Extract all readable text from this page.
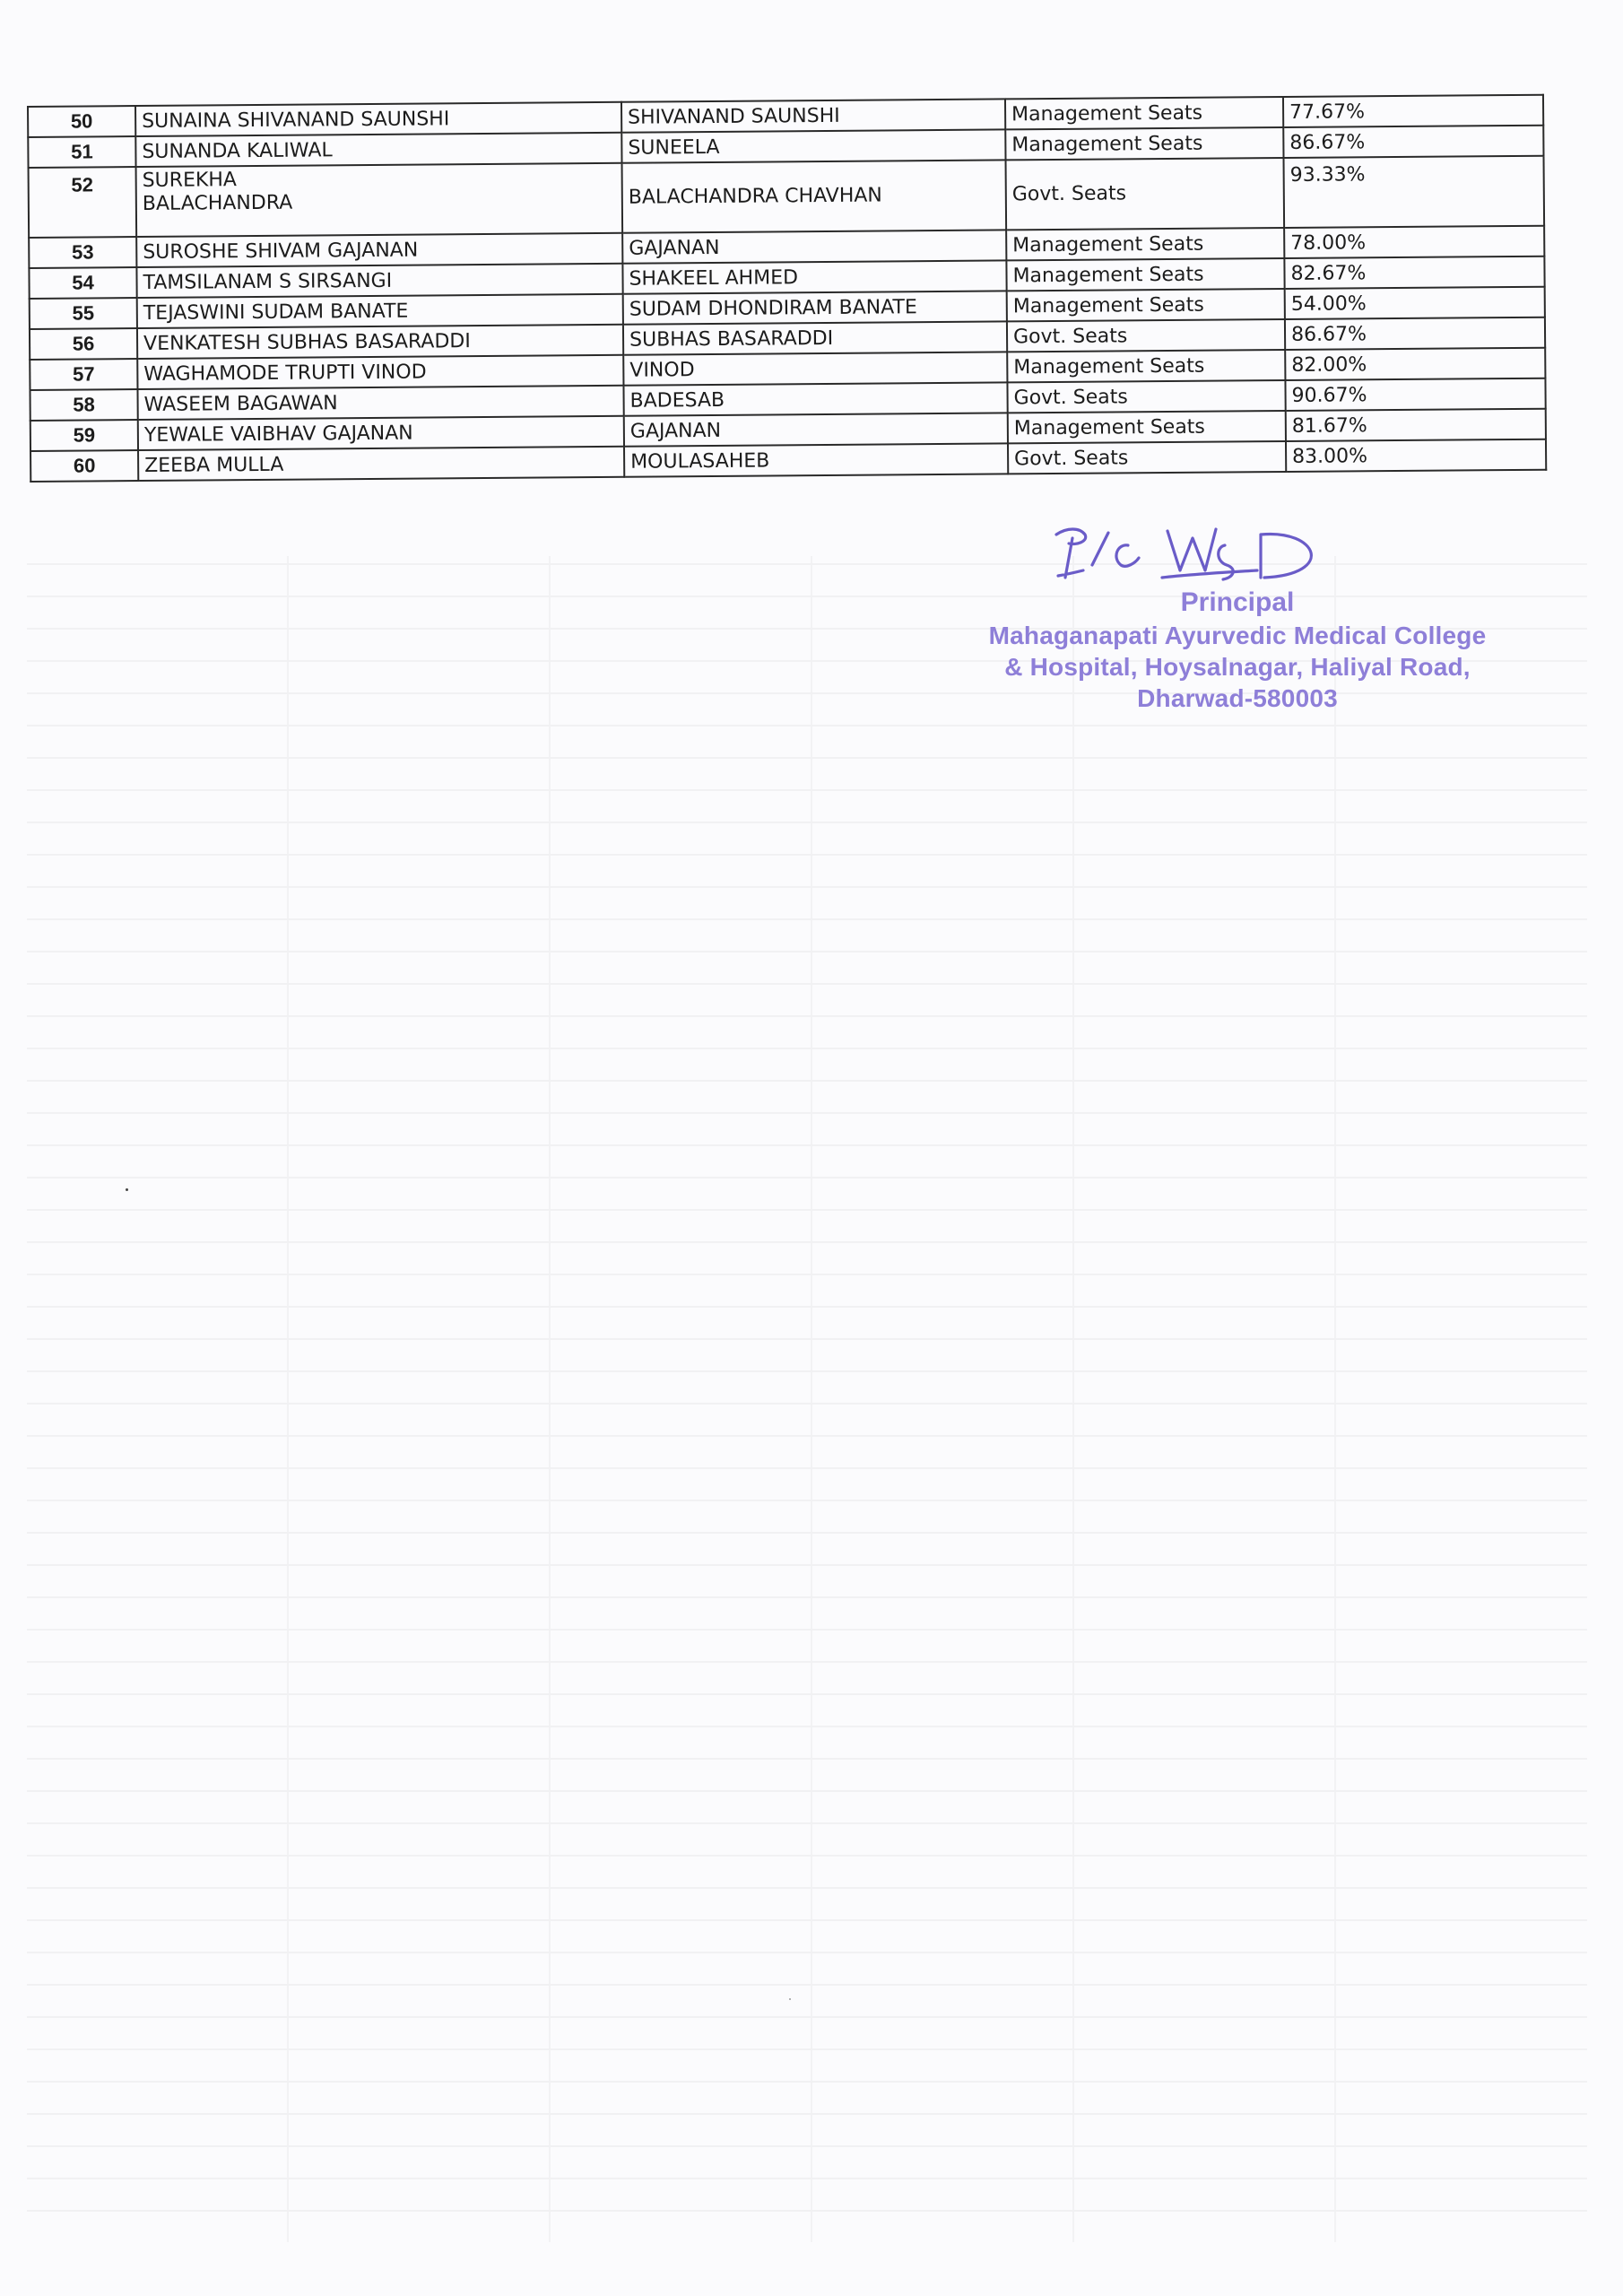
50	SUNAINA SHIVANAND SAUNSHI	SHIVANAND SAUNSHI	Management Seats	77.67%
51	SUNANDA KALIWAL	SUNEELA	Management Seats	86.67%
52	SUREKHA BALACHANDRA	BALACHANDRA CHAVHAN	Govt. Seats	93.33%
53	SUROSHE SHIVAM GAJANAN	GAJANAN	Management Seats	78.00%
54	TAMSILANAM S SIRSANGI	SHAKEEL AHMED	Management Seats	82.67%
55	TEJASWINI SUDAM BANATE	SUDAM DHONDIRAM BANATE	Management Seats	54.00%
56	VENKATESH SUBHAS BASARADDI	SUBHAS BASARADDI	Govt. Seats	86.67%
57	WAGHAMODE TRUPTI VINOD	VINOD	Management Seats	82.00%
58	WASEEM BAGAWAN	BADESAB	Govt. Seats	90.67%
59	YEWALE VAIBHAV GAJANAN	GAJANAN	Management Seats	81.67%
60	ZEEBA MULLA	MOULASAHEB	Govt. Seats	83.00%
Principal
Mahaganapati Ayurvedic Medical College
& Hospital, Hoysalnagar, Haliyal Road,
Dharwad-580003
